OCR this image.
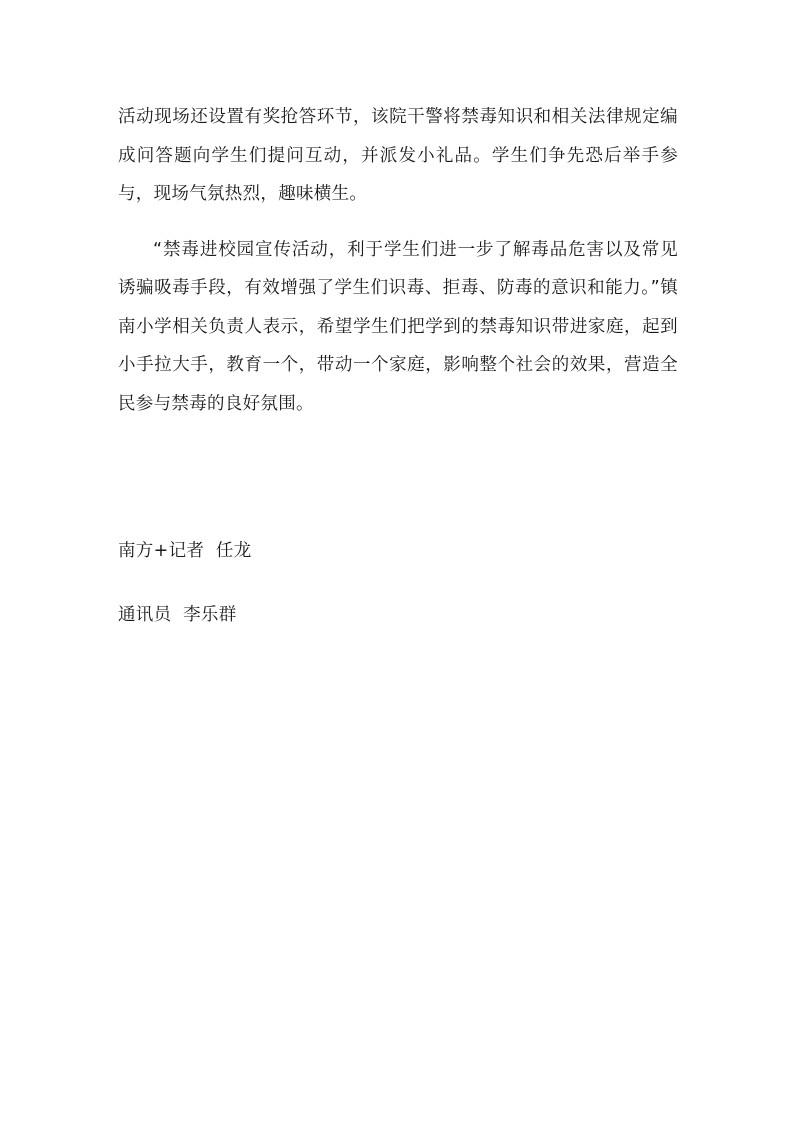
活动现场还设置有奖抢答环节，该院干警将禁毒知识和相关法律规定编成问答题向学生们提问互动，并派发小礼品。学生们争先恐后举手参与，现场气氛热烈，趣味横生。

“禁毒进校园宣传活动，利于学生们进一步了解毒品危害以及常见诱骗吸毒手段，有效增强了学生们识毒、拒毒、防毒的意识和能力。”镇南小学相关负责人表示，希望学生们把学到的禁毒知识带进家庭，起到小手拉大手，教育一个，带动一个家庭，影响整个社会的效果，营造全民参与禁毒的良好氛围。

南方+记者  任龙

通讯员  李乐群
